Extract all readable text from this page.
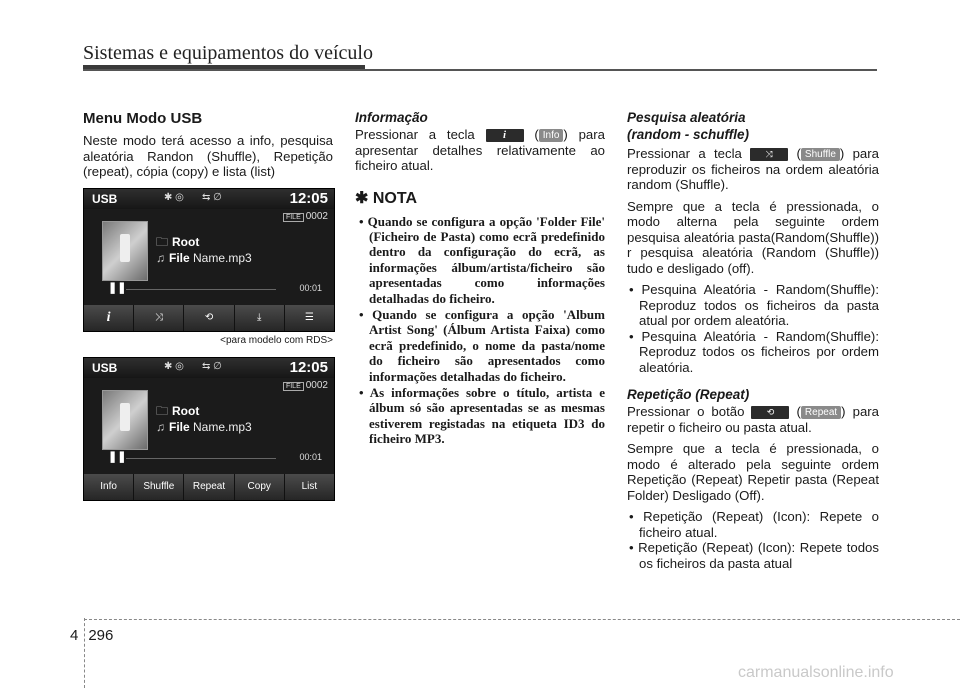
Sistemas e equipamentos do veículo
Menu Modo USB

Neste modo terá acesso a info, pesquisa aleatória Randon (Shuffle), Repetição (repeat), cópia (copy) e lista (list)

USB	✱ ◎ ⇆ ∅	12:05
FILE 0002
🗀 Root
♫ File Name.mp3
❚❚	00:01
i	⤨	⟲	⤓	☰
<para modelo com RDS>
USB	✱ ◎ ⇆ ∅	12:05
FILE 0002
🗀 Root
♫ File Name.mp3
❚❚	00:01
Info	Shuffle	Repeat	Copy	List
Informação

Pressionar a tecla	i ( Info ) para apresentar detalhes relativamente ao ficheiro atual.

✱ NOTA
• Quando se configura a opção 'Folder File' (Ficheiro de Pasta) como ecrã predefinido dentro da configuração do ecrã, as informações álbum/artista/ficheiro são apresentadas como informações detalhadas do ficheiro.
• Quando se configura a opção 'Album Artist Song' (Álbum Artista Faixa) como ecrã predefinido, o nome da pasta/nome do ficheiro são apresentados como informações detalhadas do ficheiro.
• As informações sobre o título, artista e álbum só são apresentadas se as mesmas estiverem registadas na etiqueta ID3 do ficheiro MP3.
Pesquisa aleatória
(random - schuffle)

Pressionar a tecla	⤨ ( Shuffle ) para reproduzir os ficheiros na ordem aleatória random (Shuffle).

Sempre que a tecla é pressionada, o modo alterna pela seguinte ordem pesquisa aleatória pasta(Random(Shuffle)) r pesquisa aleatória (Random (Shuffle)) tudo e desligado (off).

• Pesquina Aleatória - Random(Shuffle): Reproduz todos os ficheiros da pasta atual por ordem aleatória.
• Pesquina Aleatória - Random(Shuffle): Reproduz todos os ficheiros por ordem aleatória.
Repetição (Repeat)

Pressionar o botão ⟲ ( Repeat ) para repetir o ficheiro ou pasta atual.

Sempre que a tecla é pressionada, o modo é alterado pela seguinte ordem Repetição (Repeat) Repetir pasta (Repeat Folder) Desligado (Off).

• Repetição (Repeat) (Icon): Repete o ficheiro atual.
• Repetição (Repeat) (Icon): Repete todos os ficheiros da pasta atual
4 296
carmanualsonline.info
